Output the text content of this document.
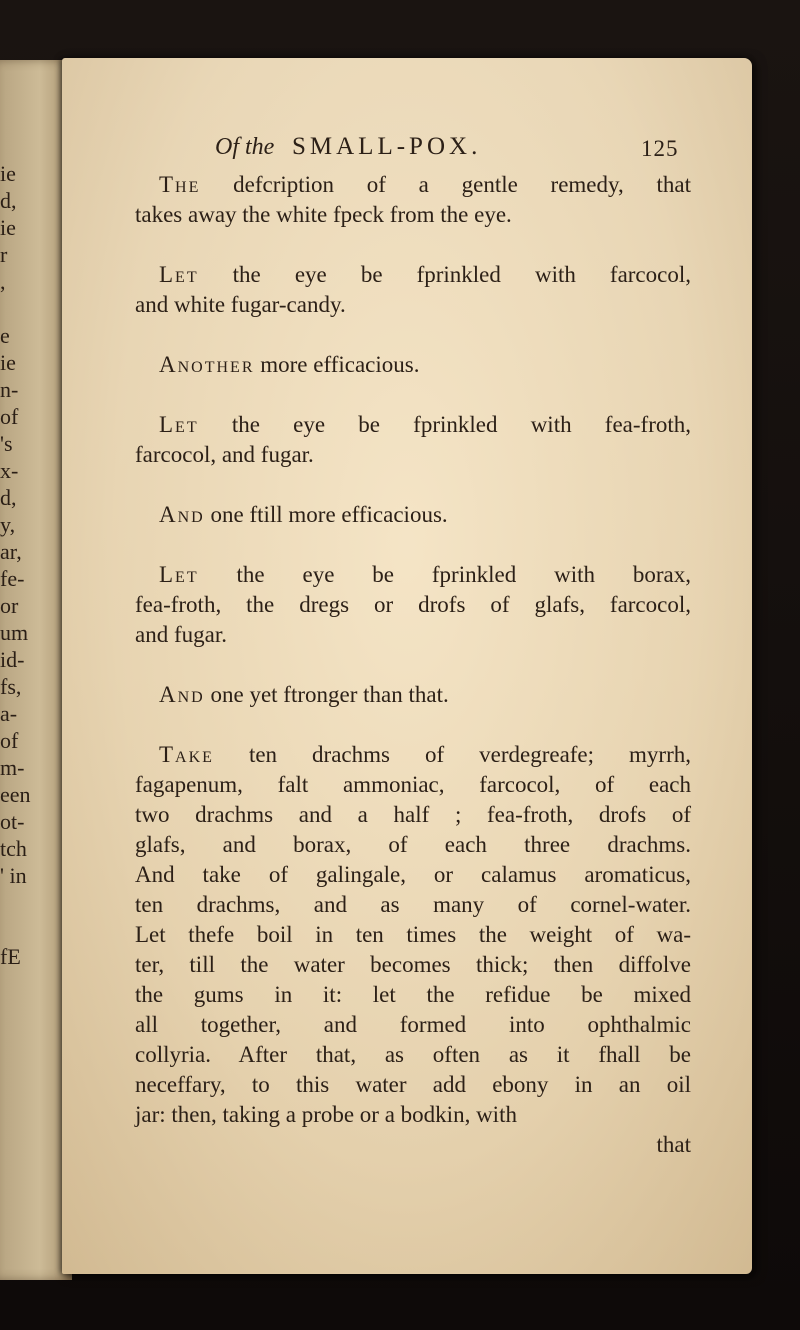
ie
d,
ie
r
,
e
ie
n-
of
's
x-
d,
y,
ar,
fe-
or
um
id-
fs,
a-
of
m-
een
ot-
tch
' in
fE
Of the SMALL-POX.	125
The defcription of a gentle remedy, that
takes away the white fpeck from the eye.
Let the eye be fprinkled with farcocol,
and white fugar-candy.
Another more efficacious.
Let the eye be fprinkled with fea-froth,
farcocol, and fugar.
And one ftill more efficacious.
Let the eye be fprinkled with borax,
fea-froth, the dregs or drofs of glafs, farcocol,
and fugar.
And one yet ftronger than that.
Take ten drachms of verdegreafe; myrrh,
fagapenum, falt ammoniac, farcocol, of each
two drachms and a half ; fea-froth, drofs of
glafs, and borax, of each three drachms.
And take of galingale, or calamus aromaticus,
ten drachms, and as many of cornel-water.
Let thefe boil in ten times the weight of wa-
ter, till the water becomes thick; then diffolve
the gums in it: let the refidue be mixed
all together, and formed into ophthalmic
collyria. After that, as often as it fhall be
neceffary, to this water add ebony in an oil
jar: then, taking a probe or a bodkin, with
that
